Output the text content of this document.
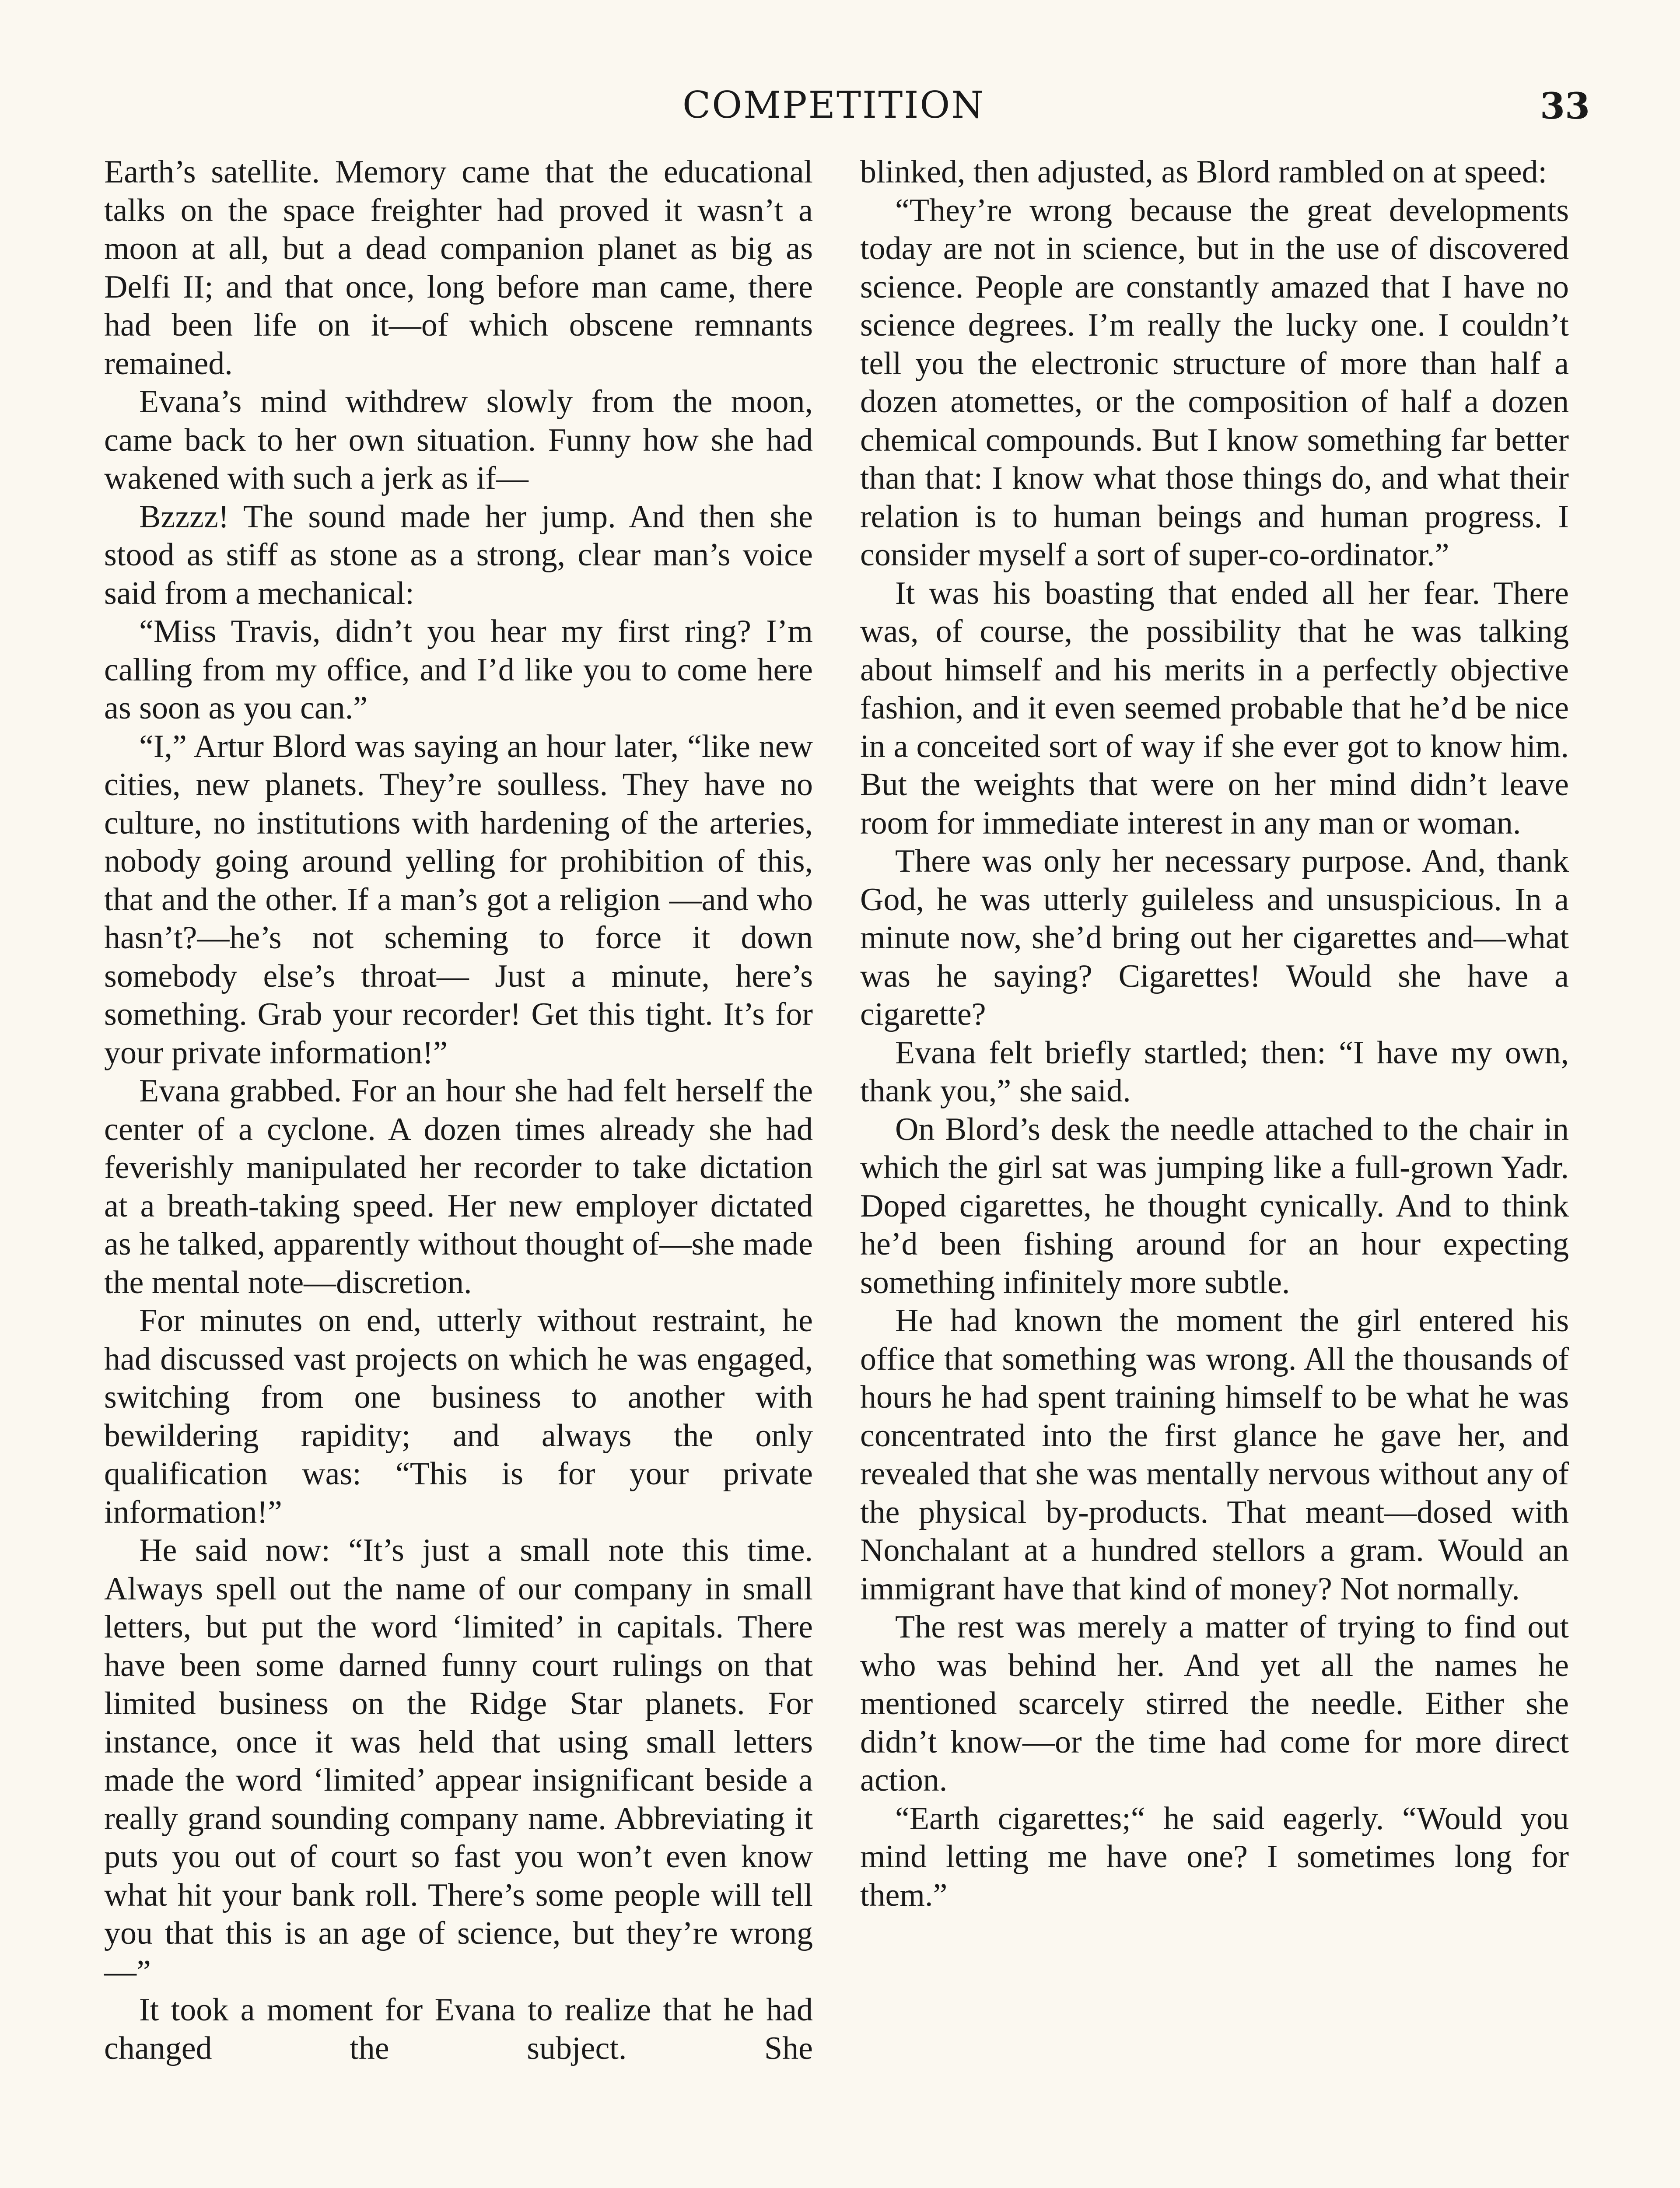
COMPETITION	33

Earth’s satellite. Memory came that the educational talks on the space freighter had proved it wasn’t a moon at all, but a dead companion planet as big as Delfi II; and that once, long before man came, there had been life on it—of which obscene remnants remained.

Evana’s mind withdrew slowly from the moon, came back to her own situation. Funny how she had wakened with such a jerk as if—

Bzzzz! The sound made her jump. And then she stood as stiff as stone as a strong, clear man’s voice said from a mechanical:

“Miss Travis, didn’t you hear my first ring? I’m calling from my office, and I’d like you to come here as soon as you can.”

“I,” Artur Blord was saying an hour later, “like new cities, new planets. They’re soulless. They have no culture, no institutions with hardening of the arteries, nobody going around yelling for prohibition of this, that and the other. If a man’s got a religion —and who hasn’t?—he’s not scheming to force it down somebody else’s throat— Just a minute, here’s something. Grab your recorder! Get this tight. It’s for your private information!”

Evana grabbed. For an hour she had felt herself the center of a cyclone. A dozen times already she had feverishly manipulated her recorder to take dictation at a breath-taking speed. Her new employer dictated as he talked, apparently without thought of—she made the mental note—discretion.

For minutes on end, utterly without restraint, he had discussed vast projects on which he was engaged, switching from one business to another with bewildering rapidity; and always the only qualification was: “This is for your private information!”

He said now: “It’s just a small note this time. Always spell out the name of our company in small letters, but put the word ‘limited’ in capitals. There have been some darned funny court rulings on that limited business on the Ridge Star planets. For instance, once it was held that using small letters made the word ‘limited’ appear insignificant beside a really grand sounding company name. Abbreviating it puts you out of court so fast you won’t even know what hit your bank roll. There’s some people will tell you that this is an age of science, but they’re wrong—”

It took a moment for Evana to realize that he had changed the subject. She

blinked, then adjusted, as Blord rambled on at speed:

“They’re wrong because the great developments today are not in science, but in the use of discovered science. People are constantly amazed that I have no science degrees. I’m really the lucky one. I couldn’t tell you the electronic structure of more than half a dozen atomettes, or the composition of half a dozen chemical compounds. But I know something far better than that: I know what those things do, and what their relation is to human beings and human progress. I consider myself a sort of super-co-ordinator.”

It was his boasting that ended all her fear. There was, of course, the possibility that he was talking about himself and his merits in a perfectly objective fashion, and it even seemed probable that he’d be nice in a conceited sort of way if she ever got to know him. But the weights that were on her mind didn’t leave room for immediate interest in any man or woman.

There was only her necessary purpose. And, thank God, he was utterly guileless and unsuspicious. In a minute now, she’d bring out her cigarettes and—what was he saying? Cigarettes! Would she have a cigarette?

Evana felt briefly startled; then: “I have my own, thank you,” she said.

On Blord’s desk the needle attached to the chair in which the girl sat was jumping like a full-grown Yadr. Doped cigarettes, he thought cynically. And to think he’d been fishing around for an hour expecting something infinitely more subtle.

He had known the moment the girl entered his office that something was wrong. All the thousands of hours he had spent training himself to be what he was concentrated into the first glance he gave her, and revealed that she was mentally nervous without any of the physical by-products. That meant—dosed with Nonchalant at a hundred stellors a gram. Would an immigrant have that kind of money? Not normally.

The rest was merely a matter of trying to find out who was behind her. And yet all the names he mentioned scarcely stirred the needle. Either she didn’t know—or the time had come for more direct action.

“Earth cigarettes;“ he said eagerly. “Would you mind letting me have one? I sometimes long for them.”
